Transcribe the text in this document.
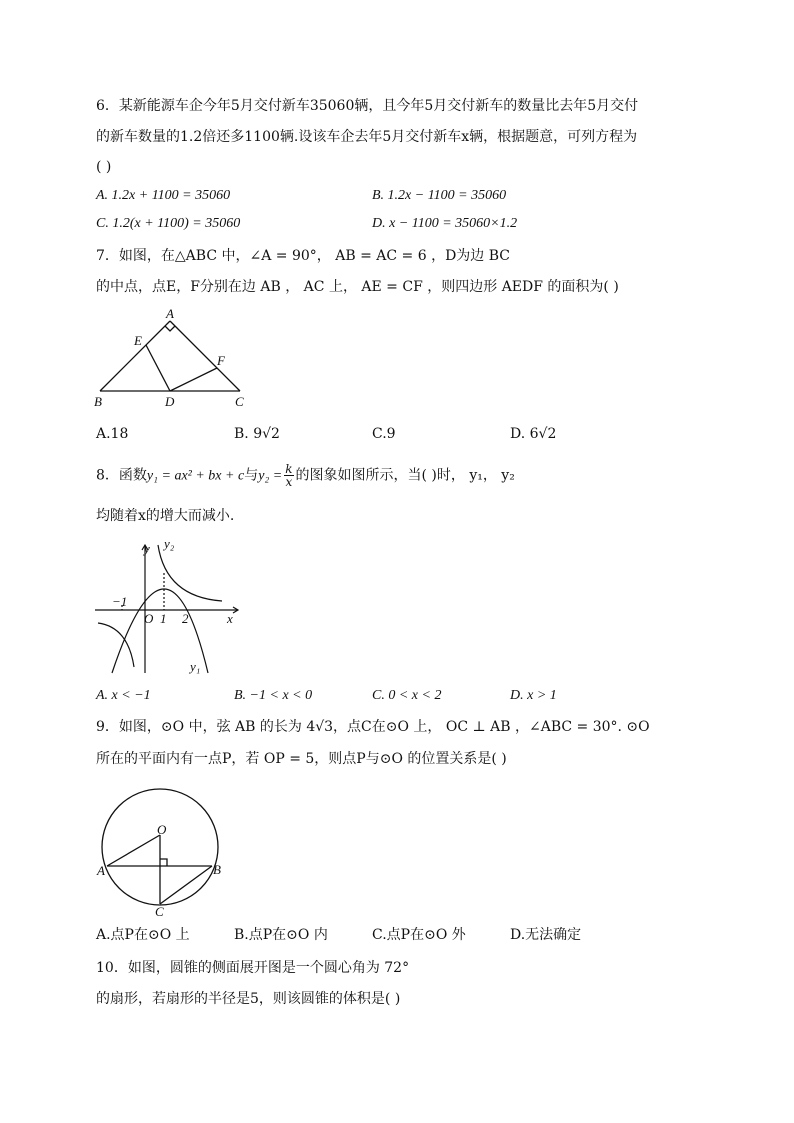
6．某新能源车企今年5月交付新车35060辆，且今年5月交付新车的数量比去年5月交付
的新车数量的1.2倍还多1100辆.设该车企去年5月交付新车x辆，根据题意，可列方程为
( )
A. 1.2x + 1100 = 35060	B. 1.2x − 1100 = 35060
C. 1.2(x + 1100) = 35060	D. x − 1100 = 35060×1.2
7．如图，在△ABC 中，∠A = 90°， AB = AC = 6 ，D为边 BC
的中点，点E，F分别在边 AB ， AC 上， AE = CF ，则四边形 AEDF 的面积为( )
A
E
F
B	D	C
A.18	B. 9√2	C.9	D. 6√2
8．函数y₁ = ax² + bx + c与$y_2 = \frac{k}{x}$ 的图象如图所示，当( )时， y₁， y₂
均随着x的增大而减小.
y y₂
−1
O 1 2	x
y₁
A. x < −1	B. −1 < x < 0	C. 0 < x < 2	D. x > 1
9．如图，⊙O 中，弦 AB 的长为 4√3，点C在⊙O 上， OC ⊥ AB ，∠ABC = 30°. ⊙O
所在的平面内有一点P，若 OP = 5，则点P与⊙O 的位置关系是( )
O
A	B
C
A.点P在⊙O 上	B.点P在⊙O 内	C.点P在⊙O 外	D.无法确定
10．如图，圆锥的侧面展开图是一个圆心角为 72°
的扇形，若扇形的半径是5，则该圆锥的体积是( )
